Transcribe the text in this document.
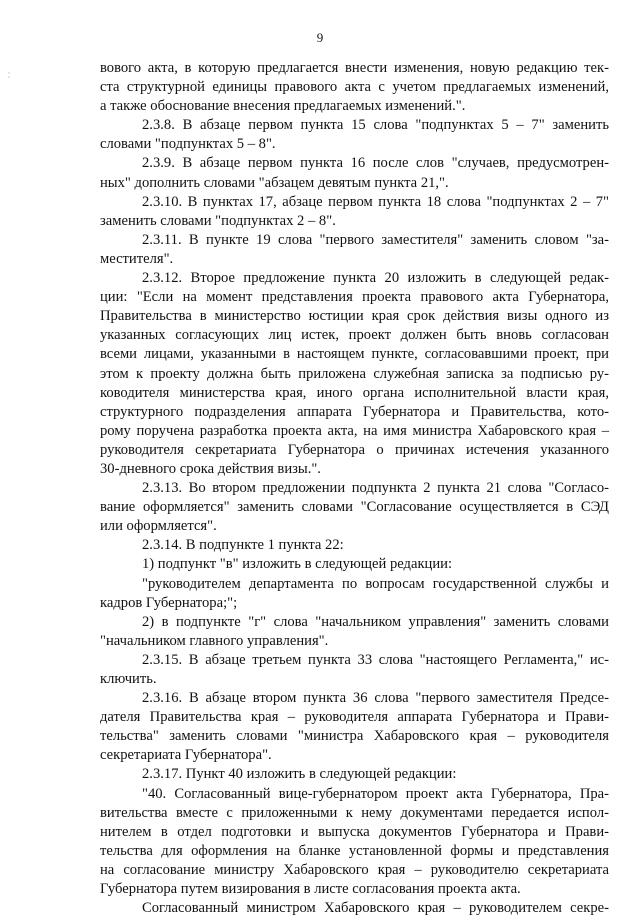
9
вового акта, в которую предлагается внести изменения, новую редакцию тек-
ста структурной единицы правового акта с учетом предлагаемых изменений,
а также обоснование внесения предлагаемых изменений.".
2.3.8. В абзаце первом пункта 15 слова "подпунктах 5 – 7" заменить
словами "подпунктах 5 – 8".
2.3.9. В абзаце первом пункта 16 после слов "случаев, предусмотрен-
ных" дополнить словами "абзацем девятым пункта 21,".
2.3.10. В пунктах 17, абзаце первом пункта 18 слова "подпунктах 2 – 7"
заменить словами "подпунктах 2 – 8".
2.3.11. В пункте 19 слова "первого заместителя" заменить словом "за-
местителя".
2.3.12. Второе предложение пункта 20 изложить в следующей редак-
ции: "Если на момент представления проекта правового акта Губернатора,
Правительства в министерство юстиции края срок действия визы одного из
указанных согласующих лиц истек, проект должен быть вновь согласован
всеми лицами, указанными в настоящем пункте, согласовавшими проект, при
этом к проекту должна быть приложена служебная записка за подписью ру-
ководителя министерства края, иного органа исполнительной власти края,
структурного подразделения аппарата Губернатора и Правительства, кото-
рому поручена разработка проекта акта, на имя министра Хабаровского края –
руководителя секретариата Губернатора о причинах истечения указанного
30-дневного срока действия визы.".
2.3.13. Во втором предложении подпункта 2 пункта 21 слова "Согласо-
вание оформляется" заменить словами "Согласование осуществляется в СЭД
или оформляется".
2.3.14. В подпункте 1 пункта 22:
1) подпункт "в" изложить в следующей редакции:
"руководителем департамента по вопросам государственной службы и
кадров Губернатора;";
2) в подпункте "г" слова "начальником управления" заменить словами
"начальником главного управления".
2.3.15. В абзаце третьем пункта 33 слова "настоящего Регламента," ис-
ключить.
2.3.16. В абзаце втором пункта 36 слова "первого заместителя Предсе-
дателя Правительства края – руководителя аппарата Губернатора и Прави-
тельства" заменить словами "министра Хабаровского края – руководителя
секретариата Губернатора".
2.3.17. Пункт 40 изложить в следующей редакции:
"40. Согласованный вице-губернатором проект акта Губернатора, Пра-
вительства вместе с приложенными к нему документами передается испол-
нителем в отдел подготовки и выпуска документов Губернатора и Прави-
тельства для оформления на бланке установленной формы и представления
на согласование министру Хабаровского края – руководителю секретариата
Губернатора путем визирования в листе согласования проекта акта.
Согласованный министром Хабаровского края – руководителем секре-
